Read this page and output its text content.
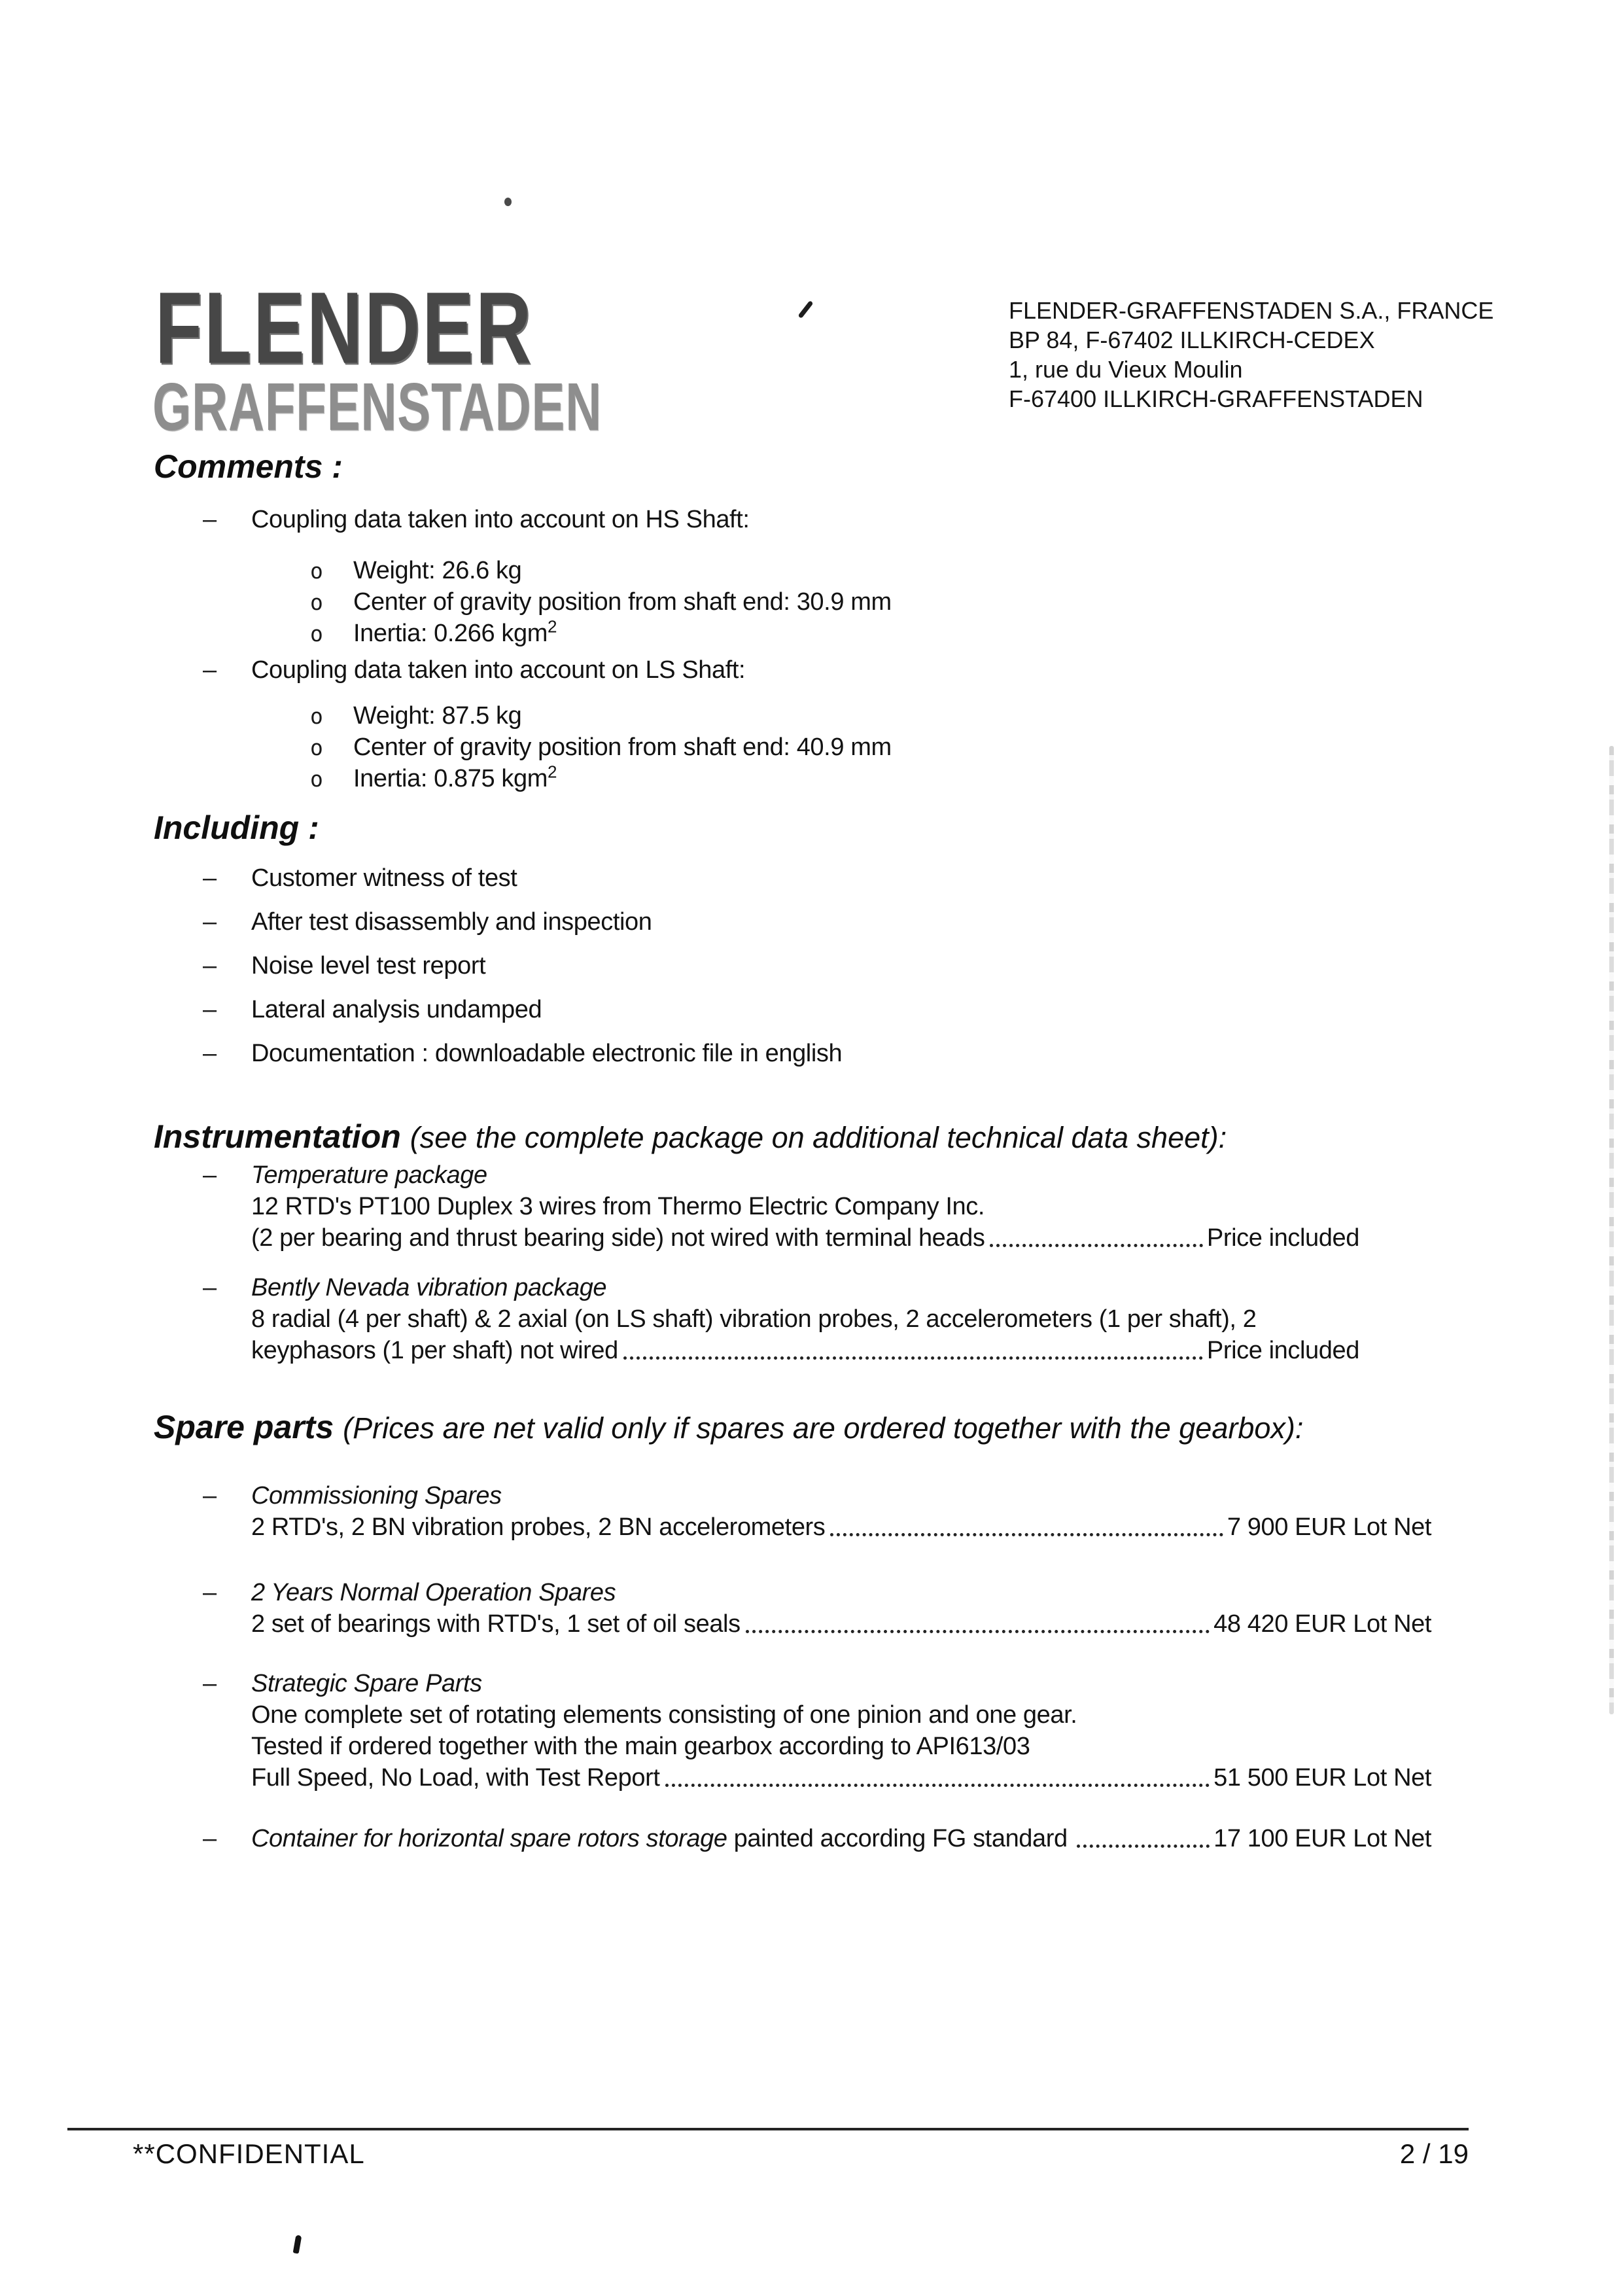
FLENDER
GRAFFENSTADEN
FLENDER-GRAFFENSTADEN S.A., FRANCE
BP 84, F-67402 ILLKIRCH-CEDEX
1, rue du Vieux Moulin
F-67400 ILLKIRCH-GRAFFENSTADEN
Comments :
– Coupling data taken into account on HS Shaft:
o Weight: 26.6 kg
o Center of gravity position from shaft end: 30.9 mm
o Inertia: 0.266 kgm$^2$
– Coupling data taken into account on LS Shaft:
o Weight: 87.5 kg
o Center of gravity position from shaft end: 40.9 mm
o Inertia: 0.875 kgm$^2$
Including :
– Customer witness of test
– After test disassembly and inspection
– Noise level test report
– Lateral analysis undamped
– Documentation : downloadable electronic file in english
Instrumentation (see the complete package on additional technical data sheet):
– Temperature package
12 RTD's PT100 Duplex 3 wires from Thermo Electric Company Inc.
(2 per bearing and thrust bearing side) not wired with terminal heads	Price included
– Bently Nevada vibration package
8 radial (4 per shaft) & 2 axial (on LS shaft) vibration probes, 2 accelerometers (1 per shaft), 2
keyphasors (1 per shaft) not wired	Price included
Spare parts (Prices are net valid only if spares are ordered together with the gearbox):
– Commissioning Spares
2 RTD's, 2 BN vibration probes, 2 BN accelerometers	7 900 EUR Lot Net
– 2 Years Normal Operation Spares
2 set of bearings with RTD's, 1 set of oil seals	48 420 EUR Lot Net
– Strategic Spare Parts
One complete set of rotating elements consisting of one pinion and one gear.
Tested if ordered together with the main gearbox according to API613/03
Full Speed, No Load, with Test Report	51 500 EUR Lot Net
– Container for horizontal spare rotors storage painted according FG standard	17 100 EUR Lot Net
**CONFIDENTIAL	2 / 19
